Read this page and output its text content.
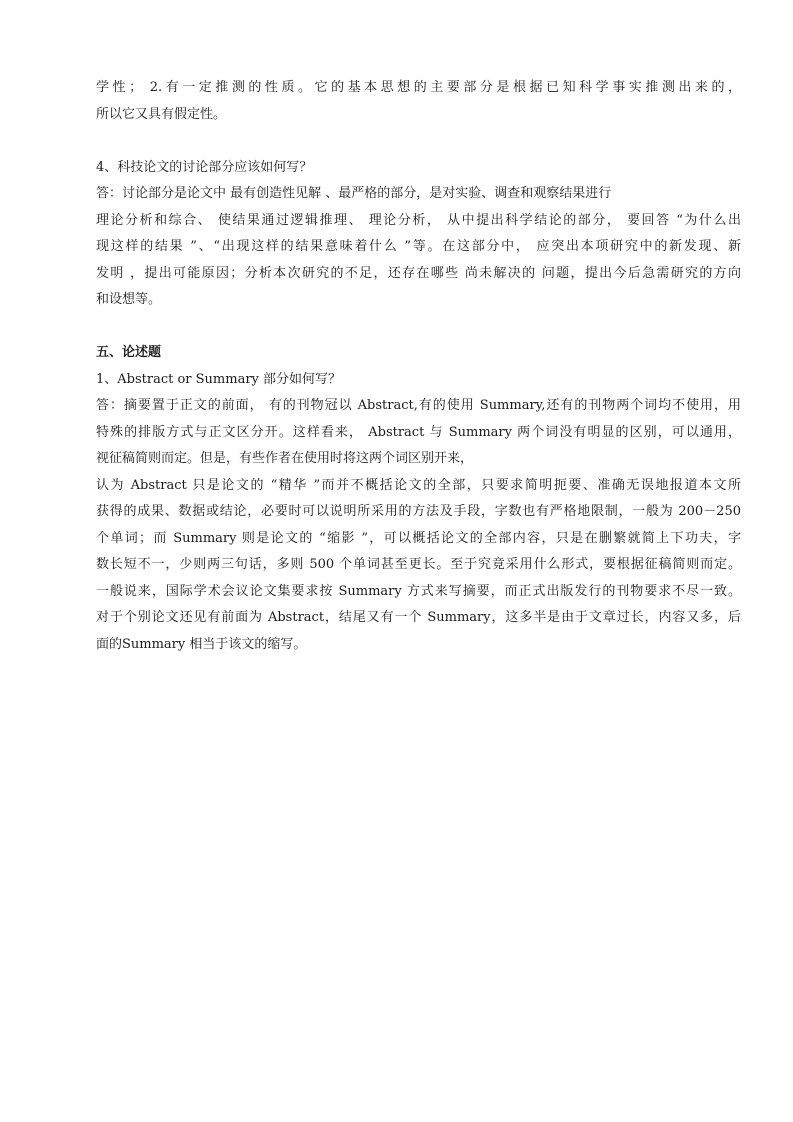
学性； 2.有一定推测的性质。它的基本思想的主要部分是根据已知科学事实推测出来的，
所以它又具有假定性。
4、科技论文的讨论部分应该如何写？
答：讨论部分是论文中 最有创造性见解 、最严格的部分，是对实验、调查和观察结果进行
理论分析和综合、 使结果通过逻辑推理、 理论分析， 从中提出科学结论的部分， 要回答 “为什么出
现这样的结果 ”、“出现这样的结果意味着什么 ”等。在这部分中， 应突出本项研究中的新发现、新
发明 ，提出可能原因；分析本次研究的不足，还存在哪些 尚未解决的 问题，提出今后急需研究的方向
和设想等。
五、论述题
1、Abstract or Summary 部分如何写？
答：摘要置于正文的前面， 有的刊物冠以 Abstract,有的使用 Summary,还有的刊物两个词均不使用，用
特殊的排版方式与正文区分开。这样看来， Abstract 与 Summary 两个词没有明显的区别，可以通用，
视征稿简则而定。但是，有些作者在使用时将这两个词区别开来，
认为 Abstract 只是论文的 “精华 ”而并不概括论文的全部，只要求简明扼要、准确无误地报道本文所
获得的成果、数据或结论，必要时可以说明所采用的方法及手段，字数也有严格地限制，一般为 200－250
个单词；而 Summary 则是论文的 “缩影 ”，可以概括论文的全部内容，只是在删繁就简上下功夫，字
数长短不一，少则两三句话，多则 500 个单词甚至更长。至于究竟采用什么形式，要根据征稿简则而定。
一般说来，国际学术会议论文集要求按 Summary 方式来写摘要，而正式出版发行的刊物要求不尽一致。
对于个别论文还见有前面为 Abstract，结尾又有一个 Summary，这多半是由于文章过长，内容又多，后
面的Summary 相当于该文的缩写。
